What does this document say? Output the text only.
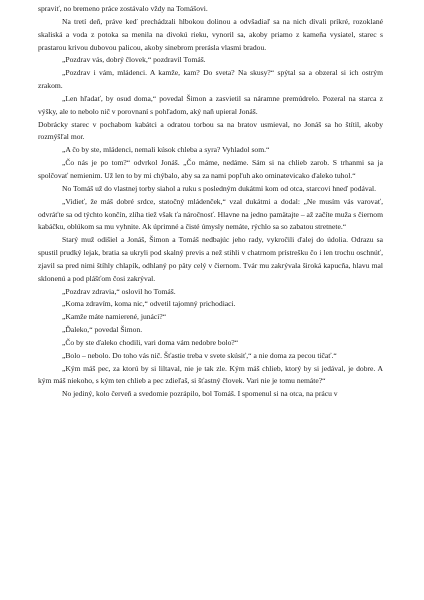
spraviť, no bremeno práce zostávalo vždy na Tomášovi.

Na tretí deň, práve keď prechádzali hlbokou dolinou a odvšadiaľ sa na nich dívali príkré, rozoklané skaliská a voda z potoka sa menila na divokú rieku, vynoril sa, akoby priamo z kameňa vysiatel, starec s prastarou krivou dubovou palicou, akoby sinebrom prerásla vlasmi bradou.

„Pozdrav vás, dobrý človek,“ pozdravil Tomáš.

„Pozdrav i vám, mládenci. A kamže, kam? Do sveta? Na skusy?“ spýtal sa a obzeral si ich ostrým zrakom.

„Len hľadať, by osud doma,“ povedal Šimon a zasvietil sa náramne premúdrelo. Pozeral na starca z výšky, ale to nebolo nič v porovnaní s pohľadom, aký naň upieral Jonáš.

Dobrácky starec v pochabom kabátci a odratou torbou sa na bratov usmieval, no Jonáš sa ho štítil, akoby rozmýšľal mor.

„A čo by ste, mládenci, nemali kúsok chleba a syra? Vyhladol som.“

„Čo nás je po tom?“ odvrkol Jonáš. „Čo máme, nedáme. Sám si na chlieb zarob. S trhanmi sa ja spolčovať nemienim. Už len to by mi chýbalo, aby sa za nami popľuh ako ominatevicako ďaleko tuhol.“

No Tomáš už do vlastnej torby siahol a ruku s posledným dukátmi kom od otca, starcovi hneď podával.

„Vidieť, že máš dobré srdce, statočný mládenček,“ vzal dukátmi a dodal: „Ne musím vás varovať, odvráťte sa od týchto končín, zlíha tiež však ťa náročnosť. Hlavne na jedno pamätajte – až začíte muža s čiernom kabáčku, oblúkom sa mu vyhnite. Ak úprimné a čisté úmysly nemáte, rýchlo sa so zabatou stretnete.“

Starý muž odišiel a Jonáš, Šimon a Tomáš nedbajúc jeho rady, vykročili ďalej do údolia. Odrazu sa spustil prudký lejak, bratia sa ukryli pod skalný previs a než stihli v chatrnom prístrešku čo i len trochu oschnúť, zjavil sa pred nimi štíhly chlapík, odhlaný po päty celý v čiernom. Tvár mu zakrývala široká kapucňa, hlavu mal sklonenú a pod plášťom čosi zakrýval.

„Pozdrav zdravia,“ oslovil ho Tomáš.

„Koma zdravím, koma nic,“ odvetil tajomný prichodiaci.

„Kamže máte namierené, junáci?“

„Ďaleko,“ povedal Šimon.

„Čo by ste ďaleko chodili, vari doma vám nedobre bolo?“

„Bolo – nebolo. Do toho vás nič. Šťastie treba v svete skúsiť,“ a nie doma za pecou tičať.“

„Kým máš pec, za ktorú by si liltaval, nie je tak zle. Kým máš chlieb, ktorý by si jedával, je dobre. A kým máš niekoho, s kým ten chlieb a pec zdieľaš, si šťastný človek. Vari nie je tomu nemáte?“

No jediný, kolo červeň a svedomie pozrápilo, bol Tomáš. I spomenul si na otca, na prácu v
